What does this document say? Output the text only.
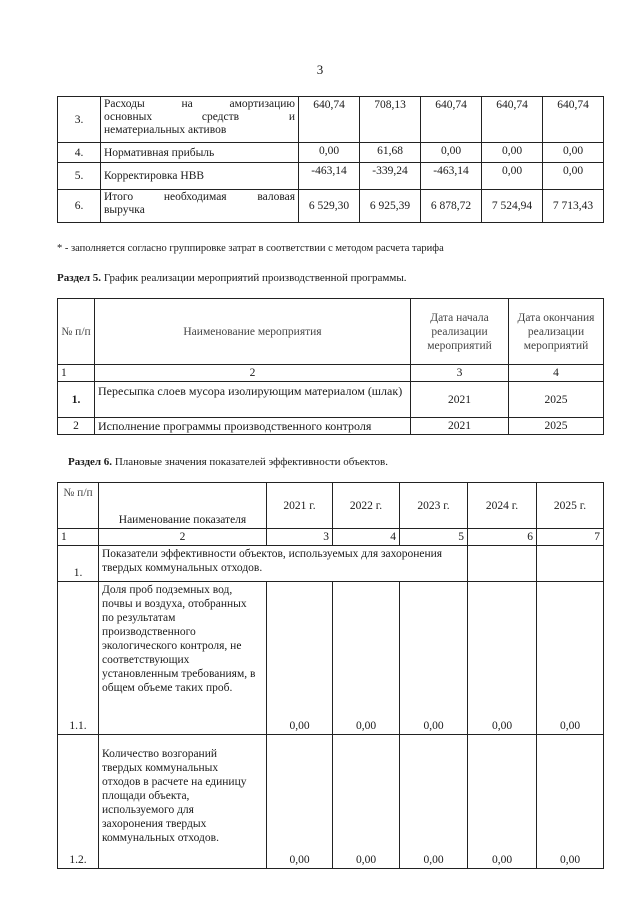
3
3.	Расходы на амортизацию
основных средств и
нематериальных активов	640,74	708,13	640,74	640,74	640,74
4.	Нормативная прибыль	0,00	61,68	0,00	0,00	0,00
5.	Корректировка НВВ	-463,14	-339,24	-463,14	0,00	0,00
6.	Итого необходимая валовая
выручка	6 529,30	6 925,39	6 878,72	7 524,94	7 713,43
* - заполняется согласно группировке затрат в соответствии с методом расчета тарифа
Раздел 5. График реализации мероприятий производственной программы.
№ п/п	Наименование мероприятия	Дата начала реализации мероприятий	Дата окончания реализации мероприятий
1	2	3	4
1.	Пересыпка слоев мусора изолирующим материалом (шлак)	2021	2025
2	Исполнение программы производственного контроля	2021	2025
Раздел 6. Плановые значения показателей эффективности объектов.
№ п/п	Наименование показателя	2021 г.	2022 г.	2023 г.	2024 г.	2025 г.
1	2	3	4	5	6	7
1.	Показатели эффективности объектов, используемых для захоронения твердых коммунальных отходов.					
1.1.	Доля проб подземных вод, почвы и воздуха, отобранных по результатам производственного экологического контроля, не соответствующих установленным требованиям, в общем объеме таких проб.	0,00	0,00	0,00	0,00	0,00
1.2.	Количество возгораний твердых коммунальных отходов в расчете на единицу площади объекта, используемого для захоронения твердых коммунальных отходов.	0,00	0,00	0,00	0,00	0,00
